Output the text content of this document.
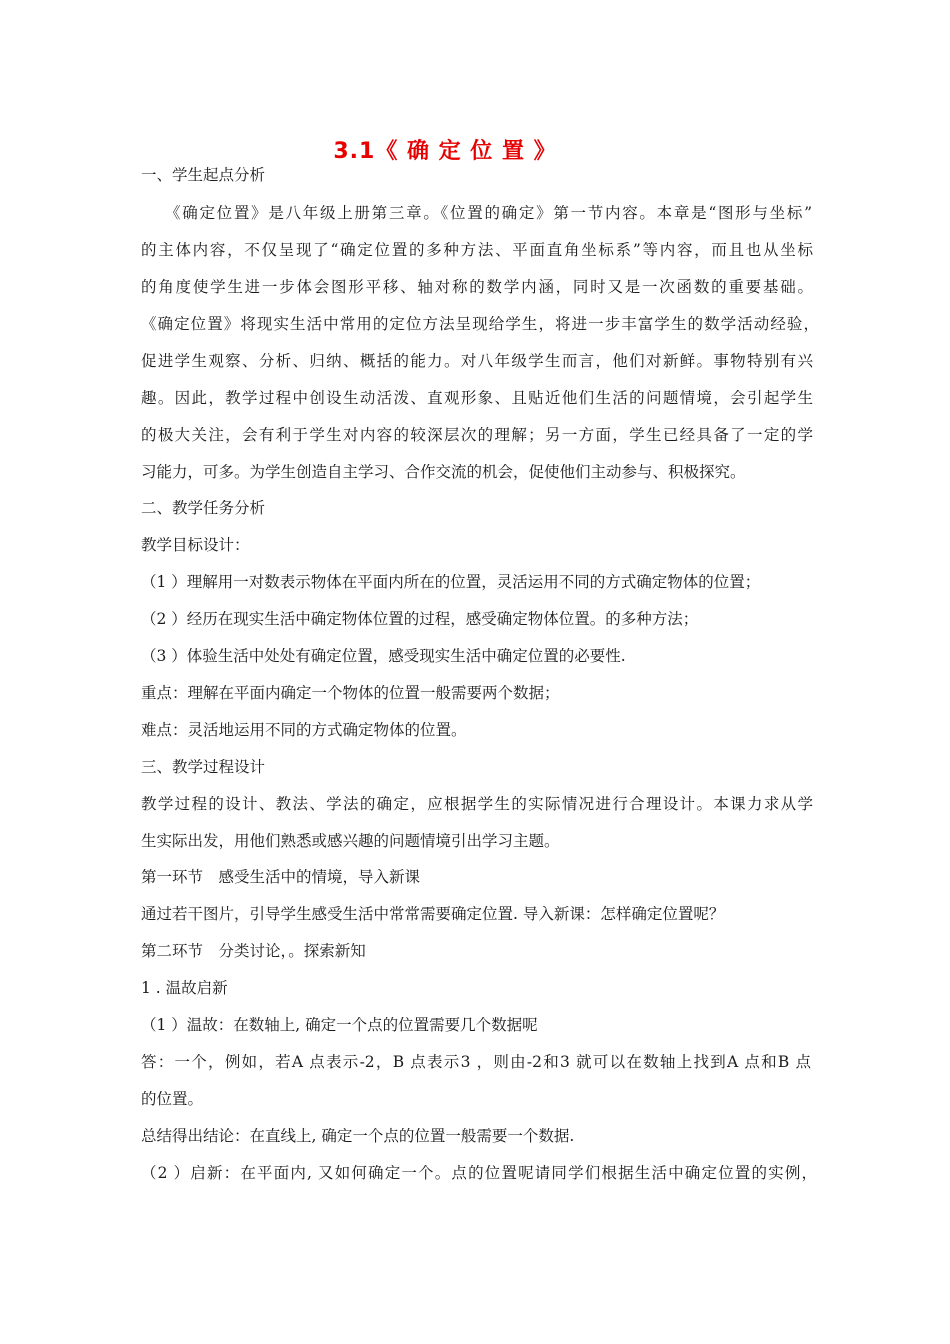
3.1《 确 定 位 置 》
一、学生起点分析
《确定位置》是八年级上册第三章。《位置的确定》第一节内容。本章是“图形与坐标”
的主体内容，不仅呈现了“确定位置的多种方法、平面直角坐标系”等内容，而且也从坐标
的角度使学生进一步体会图形平移、轴对称的数学内涵，同时又是一次函数的重要基础。
《确定位置》将现实生活中常用的定位方法呈现给学生，将进一步丰富学生的数学活动经验，
促进学生观察、分析、归纳、概括的能力。对八年级学生而言，他们对新鲜。事物特别有兴
趣。因此，教学过程中创设生动活泼、直观形象、且贴近他们生活的问题情境，会引起学生
的极大关注，会有利于学生对内容的较深层次的理解；另一方面，学生已经具备了一定的学
习能力，可多。为学生创造自主学习、合作交流的机会，促使他们主动参与、积极探究。
二、教学任务分析
教学目标设计：
（1 ）理解用一对数表示物体在平面内所在的位置，灵活运用不同的方式确定物体的位置；
（2 ）经历在现实生活中确定物体位置的过程，感受确定物体位置。的多种方法；
（3 ）体验生活中处处有确定位置，感受现实生活中确定位置的必要性.
重点：理解在平面内确定一个物体的位置一般需要两个数据；
难点：灵活地运用不同的方式确定物体的位置。
三、教学过程设计
教学过程的设计、教法、学法的确定，应根据学生的实际情况进行合理设计。本课力求从学
生实际出发，用他们熟悉或感兴趣的问题情境引出学习主题。
第一环节　感受生活中的情境，导入新课
通过若干图片，引导学生感受生活中常常需要确定位置. 导入新课：怎样确定位置呢？
第二环节　分类讨论，。探索新知
1 . 温故启新
（1 ）温故：在数轴上, 确定一个点的位置需要几个数据呢
答：一个，例如，若A 点表示-2，B 点表示3 ，则由-2和3 就可以在数轴上找到A 点和B 点
的位置。
总结得出结论：在直线上, 确定一个点的位置一般需要一个数据.
（2 ）启新：在平面内, 又如何确定一个。点的位置呢请同学们根据生活中确定位置的实例，
